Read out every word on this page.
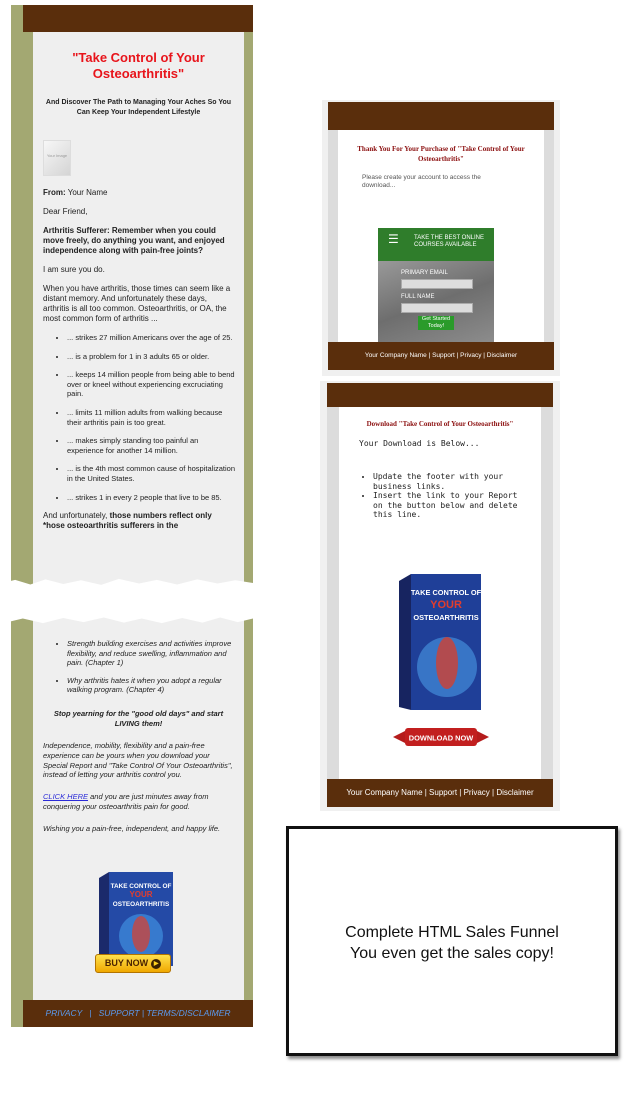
"Take Control of Your Osteoarthritis"
And Discover The Path to Managing Your Aches So You Can Keep Your Independent Lifestyle
Your Image

From: Your Name

Dear Friend,

Arthritis Sufferer: Remember when you could move freely, do anything you want, and enjoyed independence along with pain-free joints?

I am sure you do.

When you have arthritis, those times can seem like a distant memory. And unfortunately these days, arthritis is all too common. Osteoarthritis, or OA, the most common form of arthritis ...

• ... strikes 27 million Americans over the age of 25.
• ... is a problem for 1 in 3 adults 65 or older.
• ... keeps 14 million people from being able to bend over or kneel without experiencing excruciating pain.
• ... limits 11 million adults from walking because their arthritis pain is too great.
• ... makes simply standing too painful an experience for another 14 million.
• ... is the 4th most common cause of hospitalization in the United States.
• ... strikes 1 in every 2 people that live to be 85.

And unfortunately, those numbers reflect only *hose osteoarthritis sufferers in the

• Strength building exercises and activities improve flexibility, and reduce swelling, inflammation and pain. (Chapter 1)
• Why arthritis hates it when you adopt a regular walking program. (Chapter 4)
Stop yearning for the "good old days" and start LIVING them!
Independence, mobility, flexibility and a pain-free experience can be yours when you download your Special Report and "Take Control Of Your Osteoarthritis", instead of letting your arthritis control you.
CLICK HERE and you are just minutes away from conquering your osteoarthritis pain for good.
Wishing you a pain-free, independent, and happy life.
TAKE CONTROL OF
YOUR
OSTEOARTHRITIS
BUY NOW ▶
PRIVACY | SUPPORT | TERMS/DISCLAIMER
Thank You For Your Purchase of "Take Control of Your Osteoarthritis"
Please create your account to access the download...
☰	TAKE THE BEST ONLINE COURSES AVAILABLE
PRIMARY EMAIL
FULL NAME
Get Started Today!
Your Company Name | Support | Privacy | Disclaimer
Download "Take Control of Your Osteoarthritis"
Your Download is Below...
• Update the footer with your business links.
• Insert the link to your Report on the button below and delete this line.
TAKE CONTROL OF
YOUR
OSTEOARTHRITIS
DOWNLOAD NOW
Your Company Name | Support | Privacy | Disclaimer
Complete HTML Sales Funnel
You even get the sales copy!
